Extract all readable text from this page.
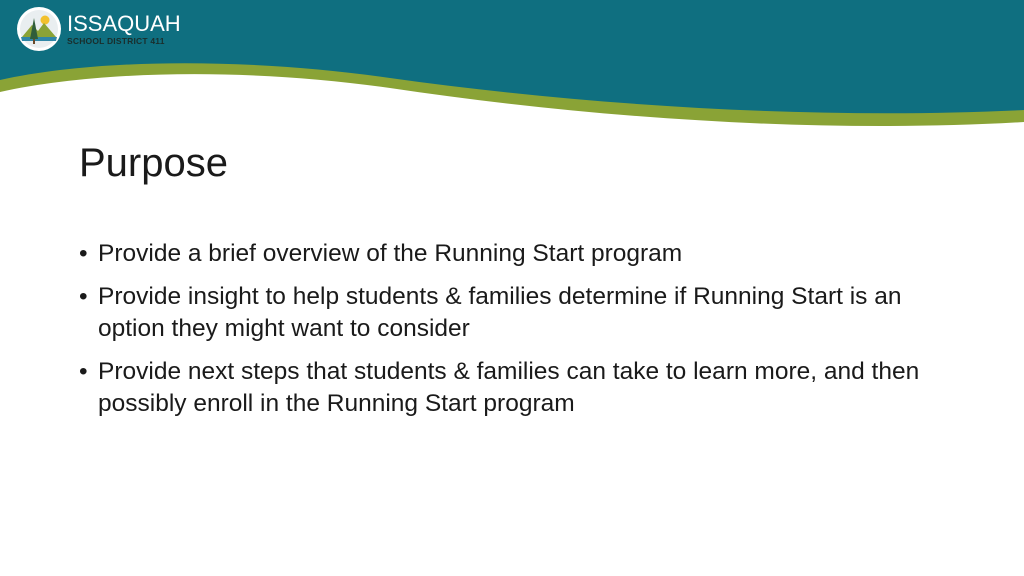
ISSAQUAH
SCHOOL DISTRICT 411
Purpose
• Provide a brief overview of the Running Start program
• Provide insight to help students & families determine if Running Start is an option they might want to consider
• Provide next steps that students & families can take to learn more, and then possibly enroll in the Running Start program
